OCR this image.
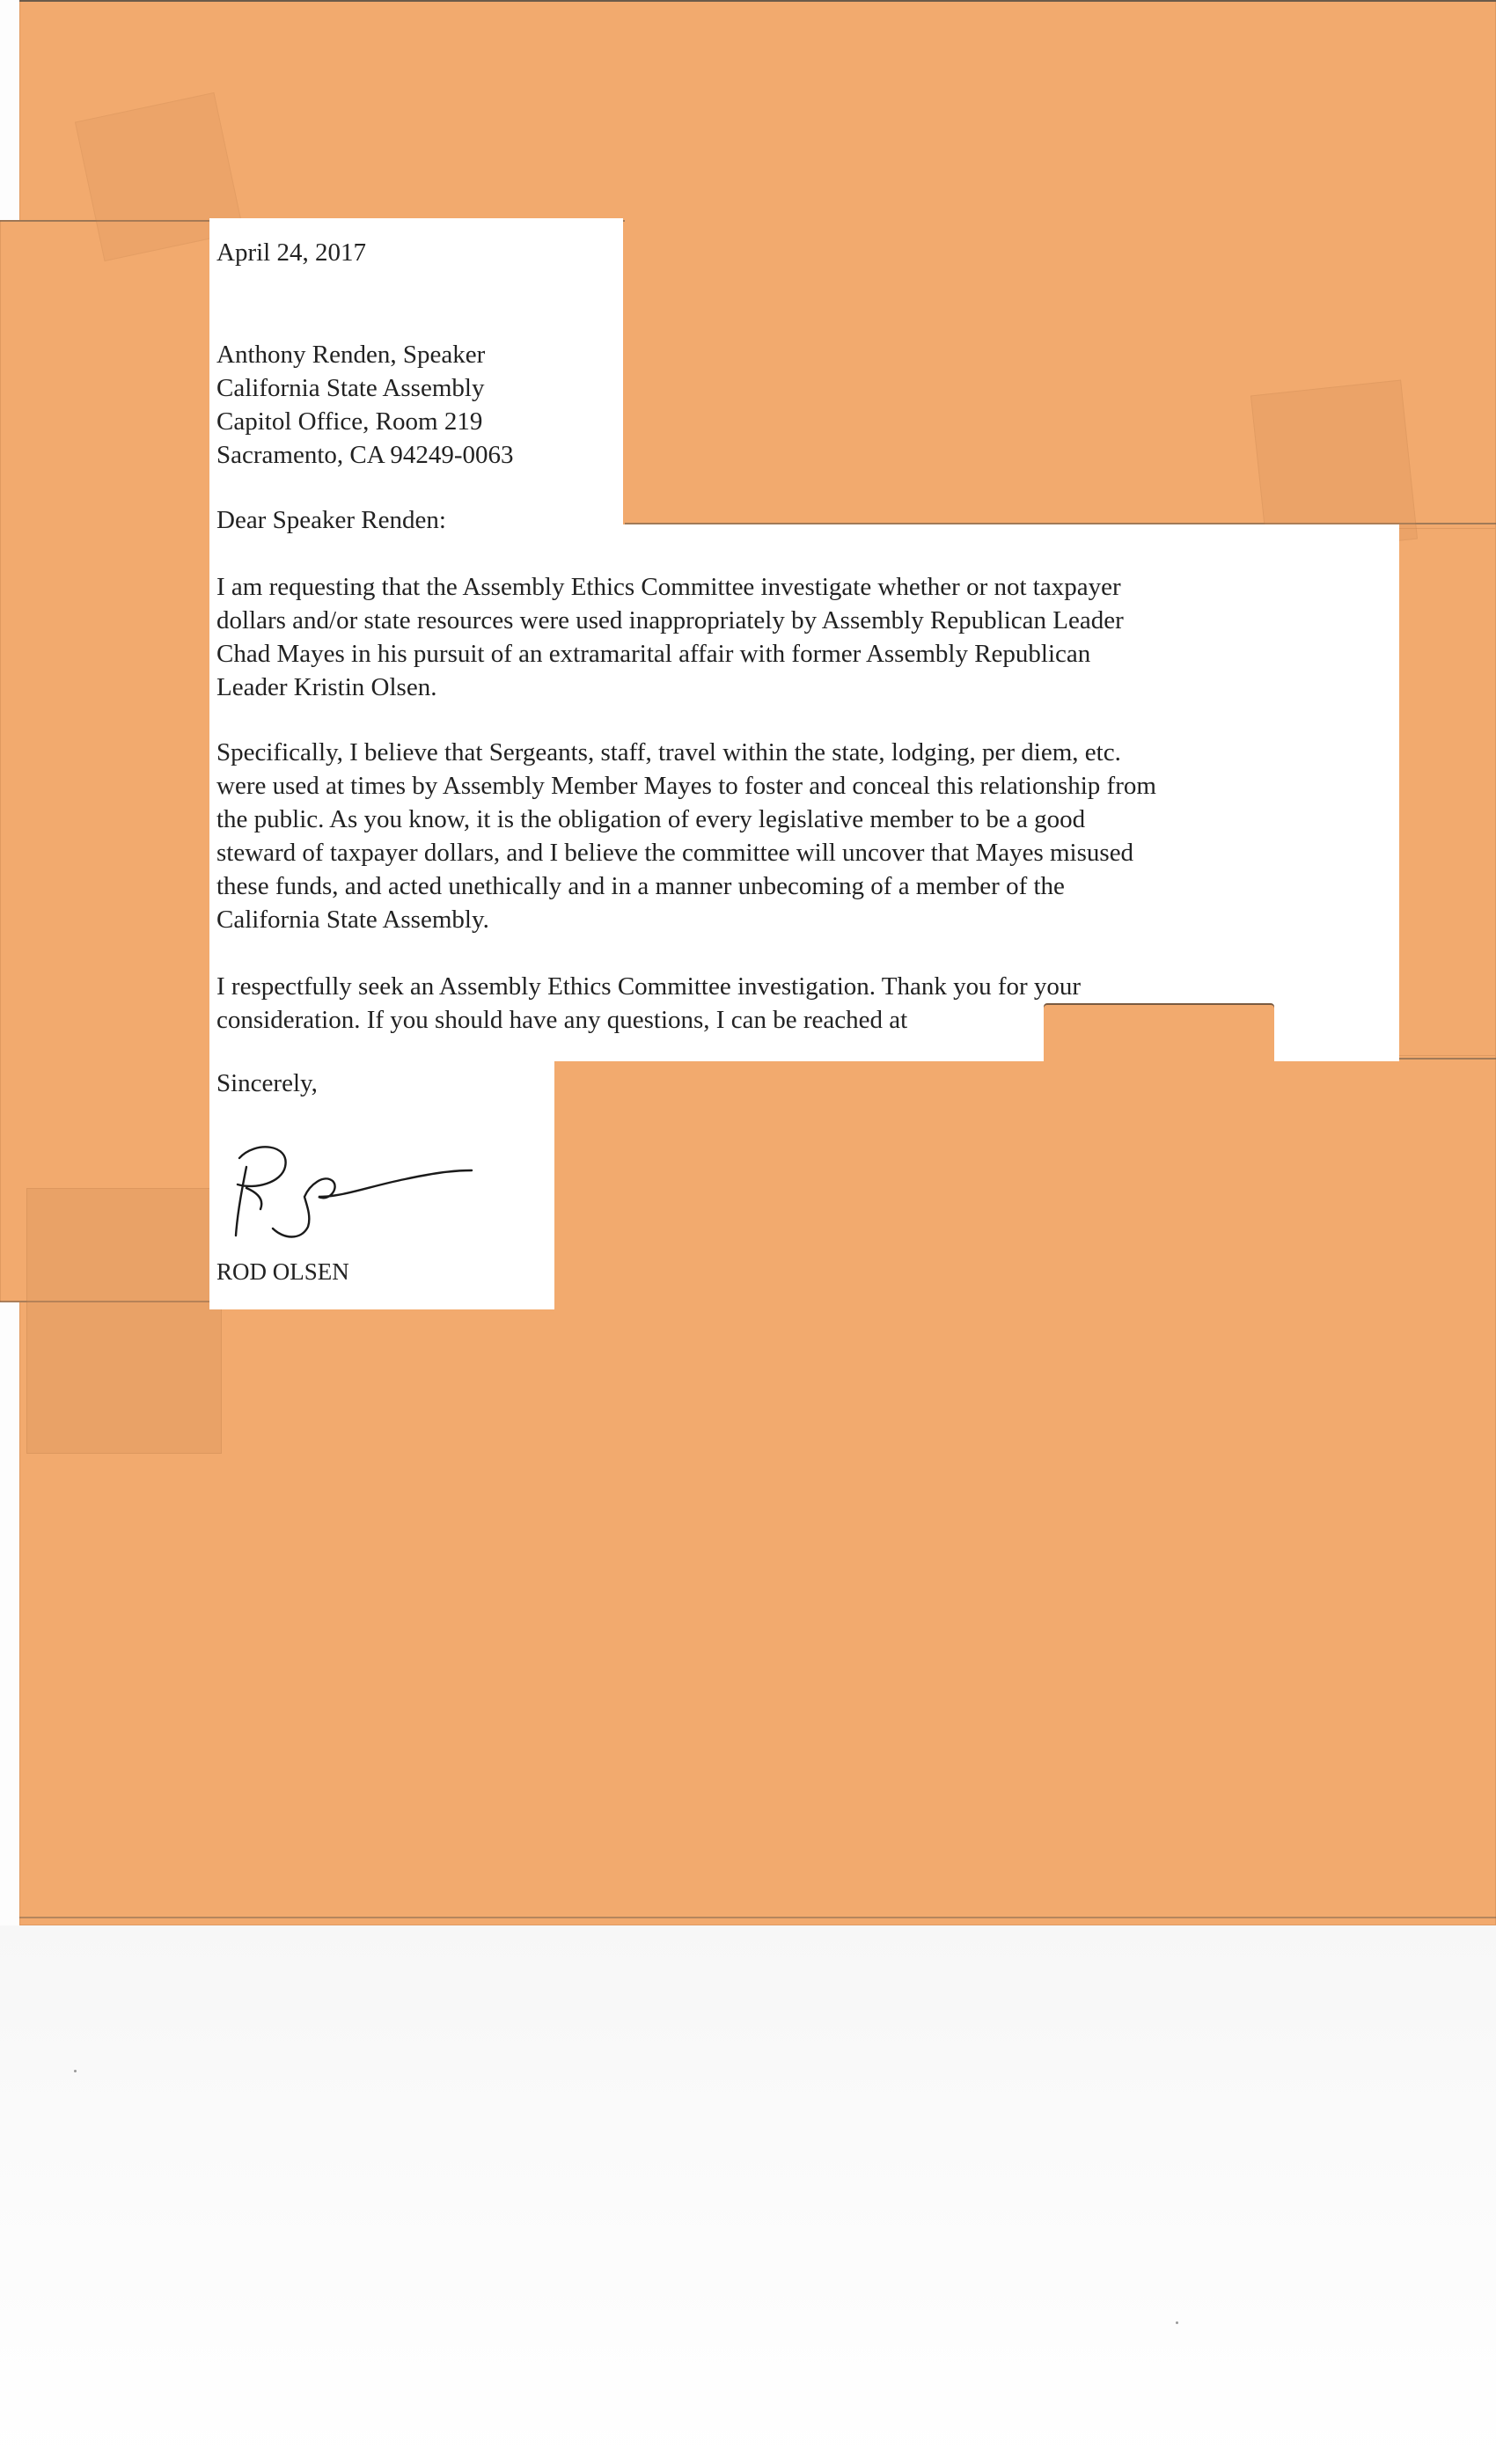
April 24, 2017
Anthony Renden, Speaker
California State Assembly
Capitol Office, Room 219
Sacramento, CA 94249-0063
Dear Speaker Renden:
I am requesting that the Assembly Ethics Committee investigate whether or not taxpayer
dollars and/or state resources were used inappropriately by Assembly Republican Leader
Chad Mayes in his pursuit of an extramarital affair with former Assembly Republican
Leader Kristin Olsen.
Specifically, I believe that Sergeants, staff, travel within the state, lodging, per diem, etc.
were used at times by Assembly Member Mayes to foster and conceal this relationship from
the public. As you know, it is the obligation of every legislative member to be a good
steward of taxpayer dollars, and I believe the committee will uncover that Mayes misused
these funds, and acted unethically and in a manner unbecoming of a member of the
California State Assembly.
I respectfully seek an Assembly Ethics Committee investigation. Thank you for your
consideration. If you should have any questions, I can be reached at
Sincerely,
ROD OLSEN
